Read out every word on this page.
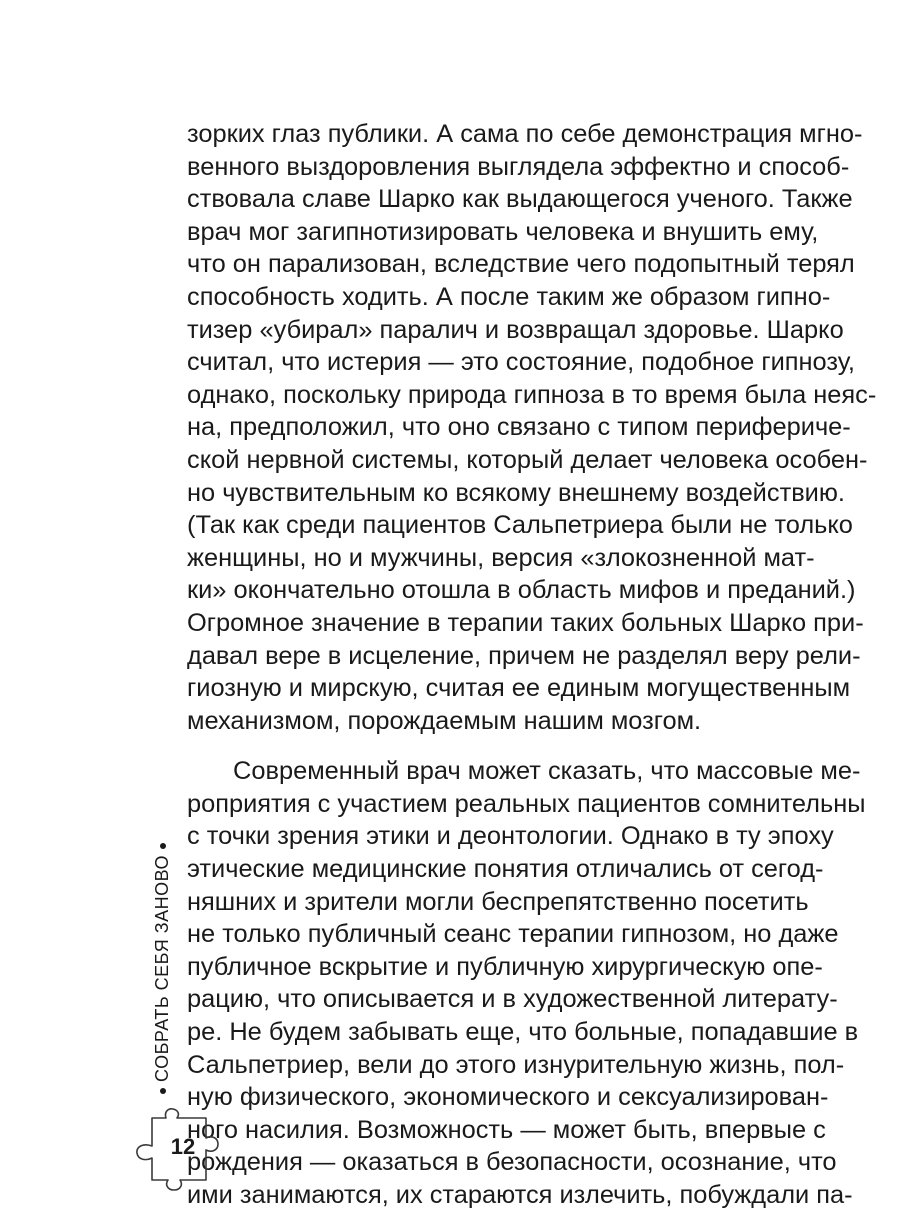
зорких глаз публики. А сама по себе демонстрация мгно-
венного выздоровления выглядела эффектно и способ-
ствовала славе Шарко как выдающегося ученого. Также
врач мог загипнотизировать человека и внушить ему,
что он парализован, вследствие чего подопытный терял
способность ходить. А после таким же образом гипно-
тизер «убирал» паралич и возвращал здоровье. Шарко
считал, что истерия — это состояние, подобное гипнозу,
однако, поскольку природа гипноза в то время была неяс-
на, предположил, что оно связано с типом перифериче-
ской нервной системы, который делает человека особен-
но чувствительным ко всякому внешнему воздействию.
(Так как среди пациентов Сальпетриера были не только
женщины, но и мужчины, версия «злокозненной мат-
ки» окончательно отошла в область мифов и преданий.)
Огромное значение в терапии таких больных Шарко при-
давал вере в исцеление, причем не разделял веру рели-
гиозную и мирскую, считая ее единым могущественным
механизмом, порождаемым нашим мозгом.
Современный врач может сказать, что массовые ме-
роприятия с участием реальных пациентов сомнительны
с точки зрения этики и деонтологии. Однако в ту эпоху
этические медицинские понятия отличались от сегод-
няшних и зрители могли беспрепятственно посетить
не только публичный сеанс терапии гипнозом, но даже
публичное вскрытие и публичную хирургическую опе-
рацию, что описывается и в художественной литерату-
ре. Не будем забывать еще, что больные, попадавшие в
Сальпетриер, вели до этого изнурительную жизнь, пол-
ную физического, экономического и сексуализирован-
ного насилия. Возможность — может быть, впервые с
рождения — оказаться в безопасности, осознание, что
ими занимаются, их стараются излечить, побуждали па-
СОБРАТЬ СЕБЯ ЗАНОВО
12
